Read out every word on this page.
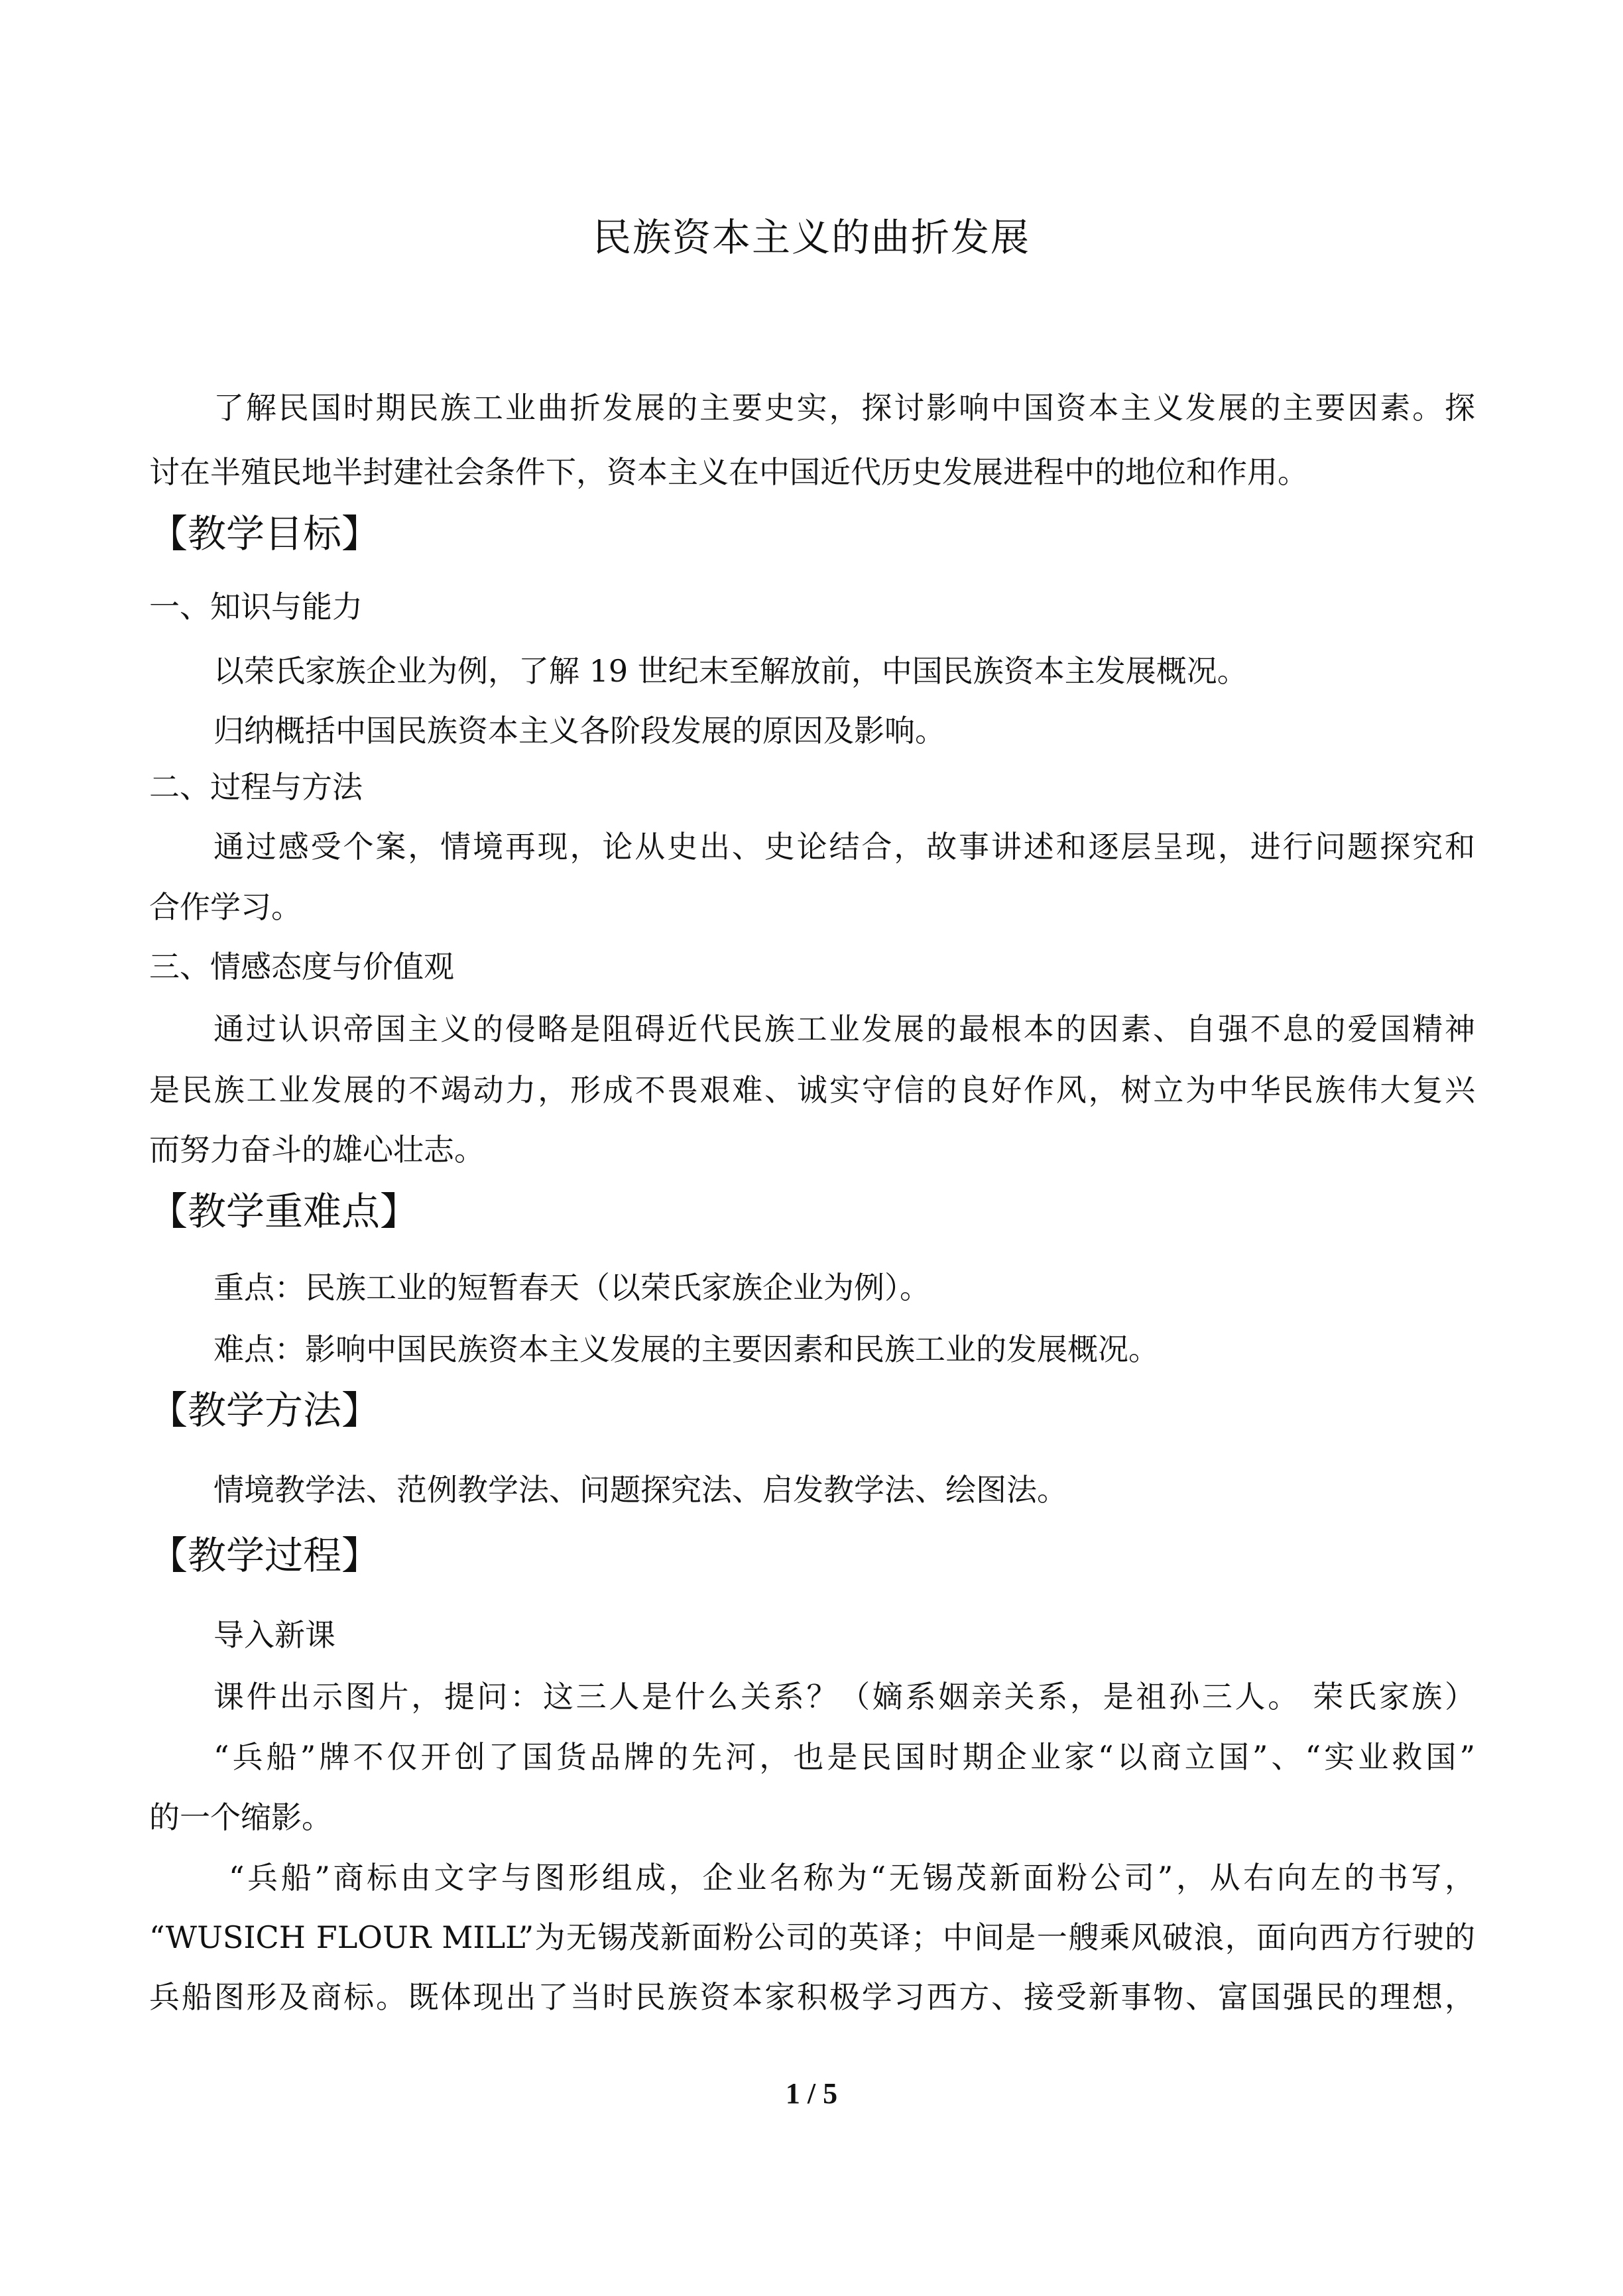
民族资本主义的曲折发展
了解民国时期民族工业曲折发展的主要史实，探讨影响中国资本主义发展的主要因素。探
讨在半殖民地半封建社会条件下，资本主义在中国近代历史发展进程中的地位和作用。
【教学目标】
一、知识与能力
以荣氏家族企业为例，了解 19 世纪末至解放前，中国民族资本主发展概况。
归纳概括中国民族资本主义各阶段发展的原因及影响。
二、过程与方法
通过感受个案，情境再现，论从史出、史论结合，故事讲述和逐层呈现，进行问题探究和
合作学习。
三、情感态度与价值观
通过认识帝国主义的侵略是阻碍近代民族工业发展的最根本的因素、自强不息的爱国精神
是民族工业发展的不竭动力，形成不畏艰难、诚实守信的良好作风，树立为中华民族伟大复兴
而努力奋斗的雄心壮志。
【教学重难点】
重点：民族工业的短暂春天（以荣氏家族企业为例）。
难点：影响中国民族资本主义发展的主要因素和民族工业的发展概况。
【教学方法】
情境教学法、范例教学法、问题探究法、启发教学法、绘图法。
【教学过程】
导入新课
课件出示图片，提问：这三人是什么关系？（嫡系姻亲关系，是祖孙三人。 荣氏家族）
“兵船”牌不仅开创了国货品牌的先河，也是民国时期企业家“以商立国”、“实业救国”
的一个缩影。
“兵船”商标由文字与图形组成，企业名称为“无锡茂新面粉公司”，从右向左的书写，
“WUSICH FLOUR MILL”为无锡茂新面粉公司的英译；中间是一艘乘风破浪，面向西方行驶的
兵船图形及商标。既体现出了当时民族资本家积极学习西方、接受新事物、富国强民的理想，
1 / 5
